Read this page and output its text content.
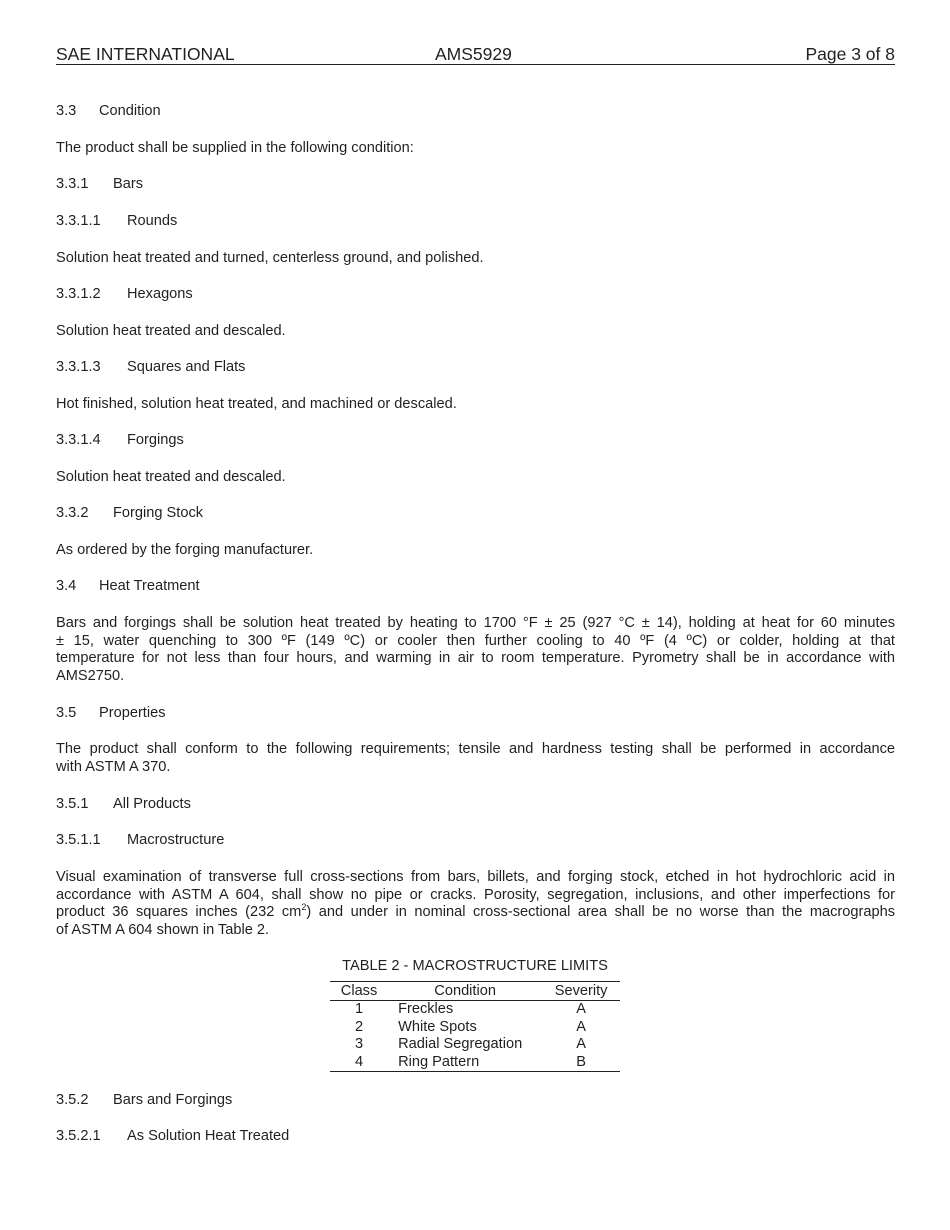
SAE INTERNATIONAL	AMS5929	Page 3 of 8
3.3 Condition
The product shall be supplied in the following condition:
3.3.1 Bars
3.3.1.1 Rounds
Solution heat treated and turned, centerless ground, and polished.
3.3.1.2 Hexagons
Solution heat treated and descaled.
3.3.1.3 Squares and Flats
Hot finished, solution heat treated, and machined or descaled.
3.3.1.4 Forgings
Solution heat treated and descaled.
3.3.2 Forging Stock
As ordered by the forging manufacturer.
3.4 Heat Treatment
Bars and forgings shall be solution heat treated by heating to 1700 °F ± 25 (927 °C ± 14), holding at heat for 60 minutes
± 15, water quenching to 300 ºF (149 ºC) or cooler then further cooling to 40 ºF (4 ºC) or colder, holding at that
temperature for not less than four hours, and warming in air to room temperature. Pyrometry shall be in accordance with
AMS2750.
3.5 Properties
The product shall conform to the following requirements; tensile and hardness testing shall be performed in accordance
with ASTM A 370.
3.5.1 All Products
3.5.1.1 Macrostructure
Visual examination of transverse full cross-sections from bars, billets, and forging stock, etched in hot hydrochloric acid in
accordance with ASTM A 604, shall show no pipe or cracks. Porosity, segregation, inclusions, and other imperfections for
product 36 squares inches (232 $cm^2$) and under in nominal cross-sectional area shall be no worse than the macrographs
of ASTM A 604 shown in Table 2.
TABLE 2 - MACROSTRUCTURE LIMITS
Class	Condition	Severity
1	Freckles	A
2	White Spots	A
3	Radial Segregation	A
4	Ring Pattern	B
3.5.2 Bars and Forgings
3.5.2.1 As Solution Heat Treated
